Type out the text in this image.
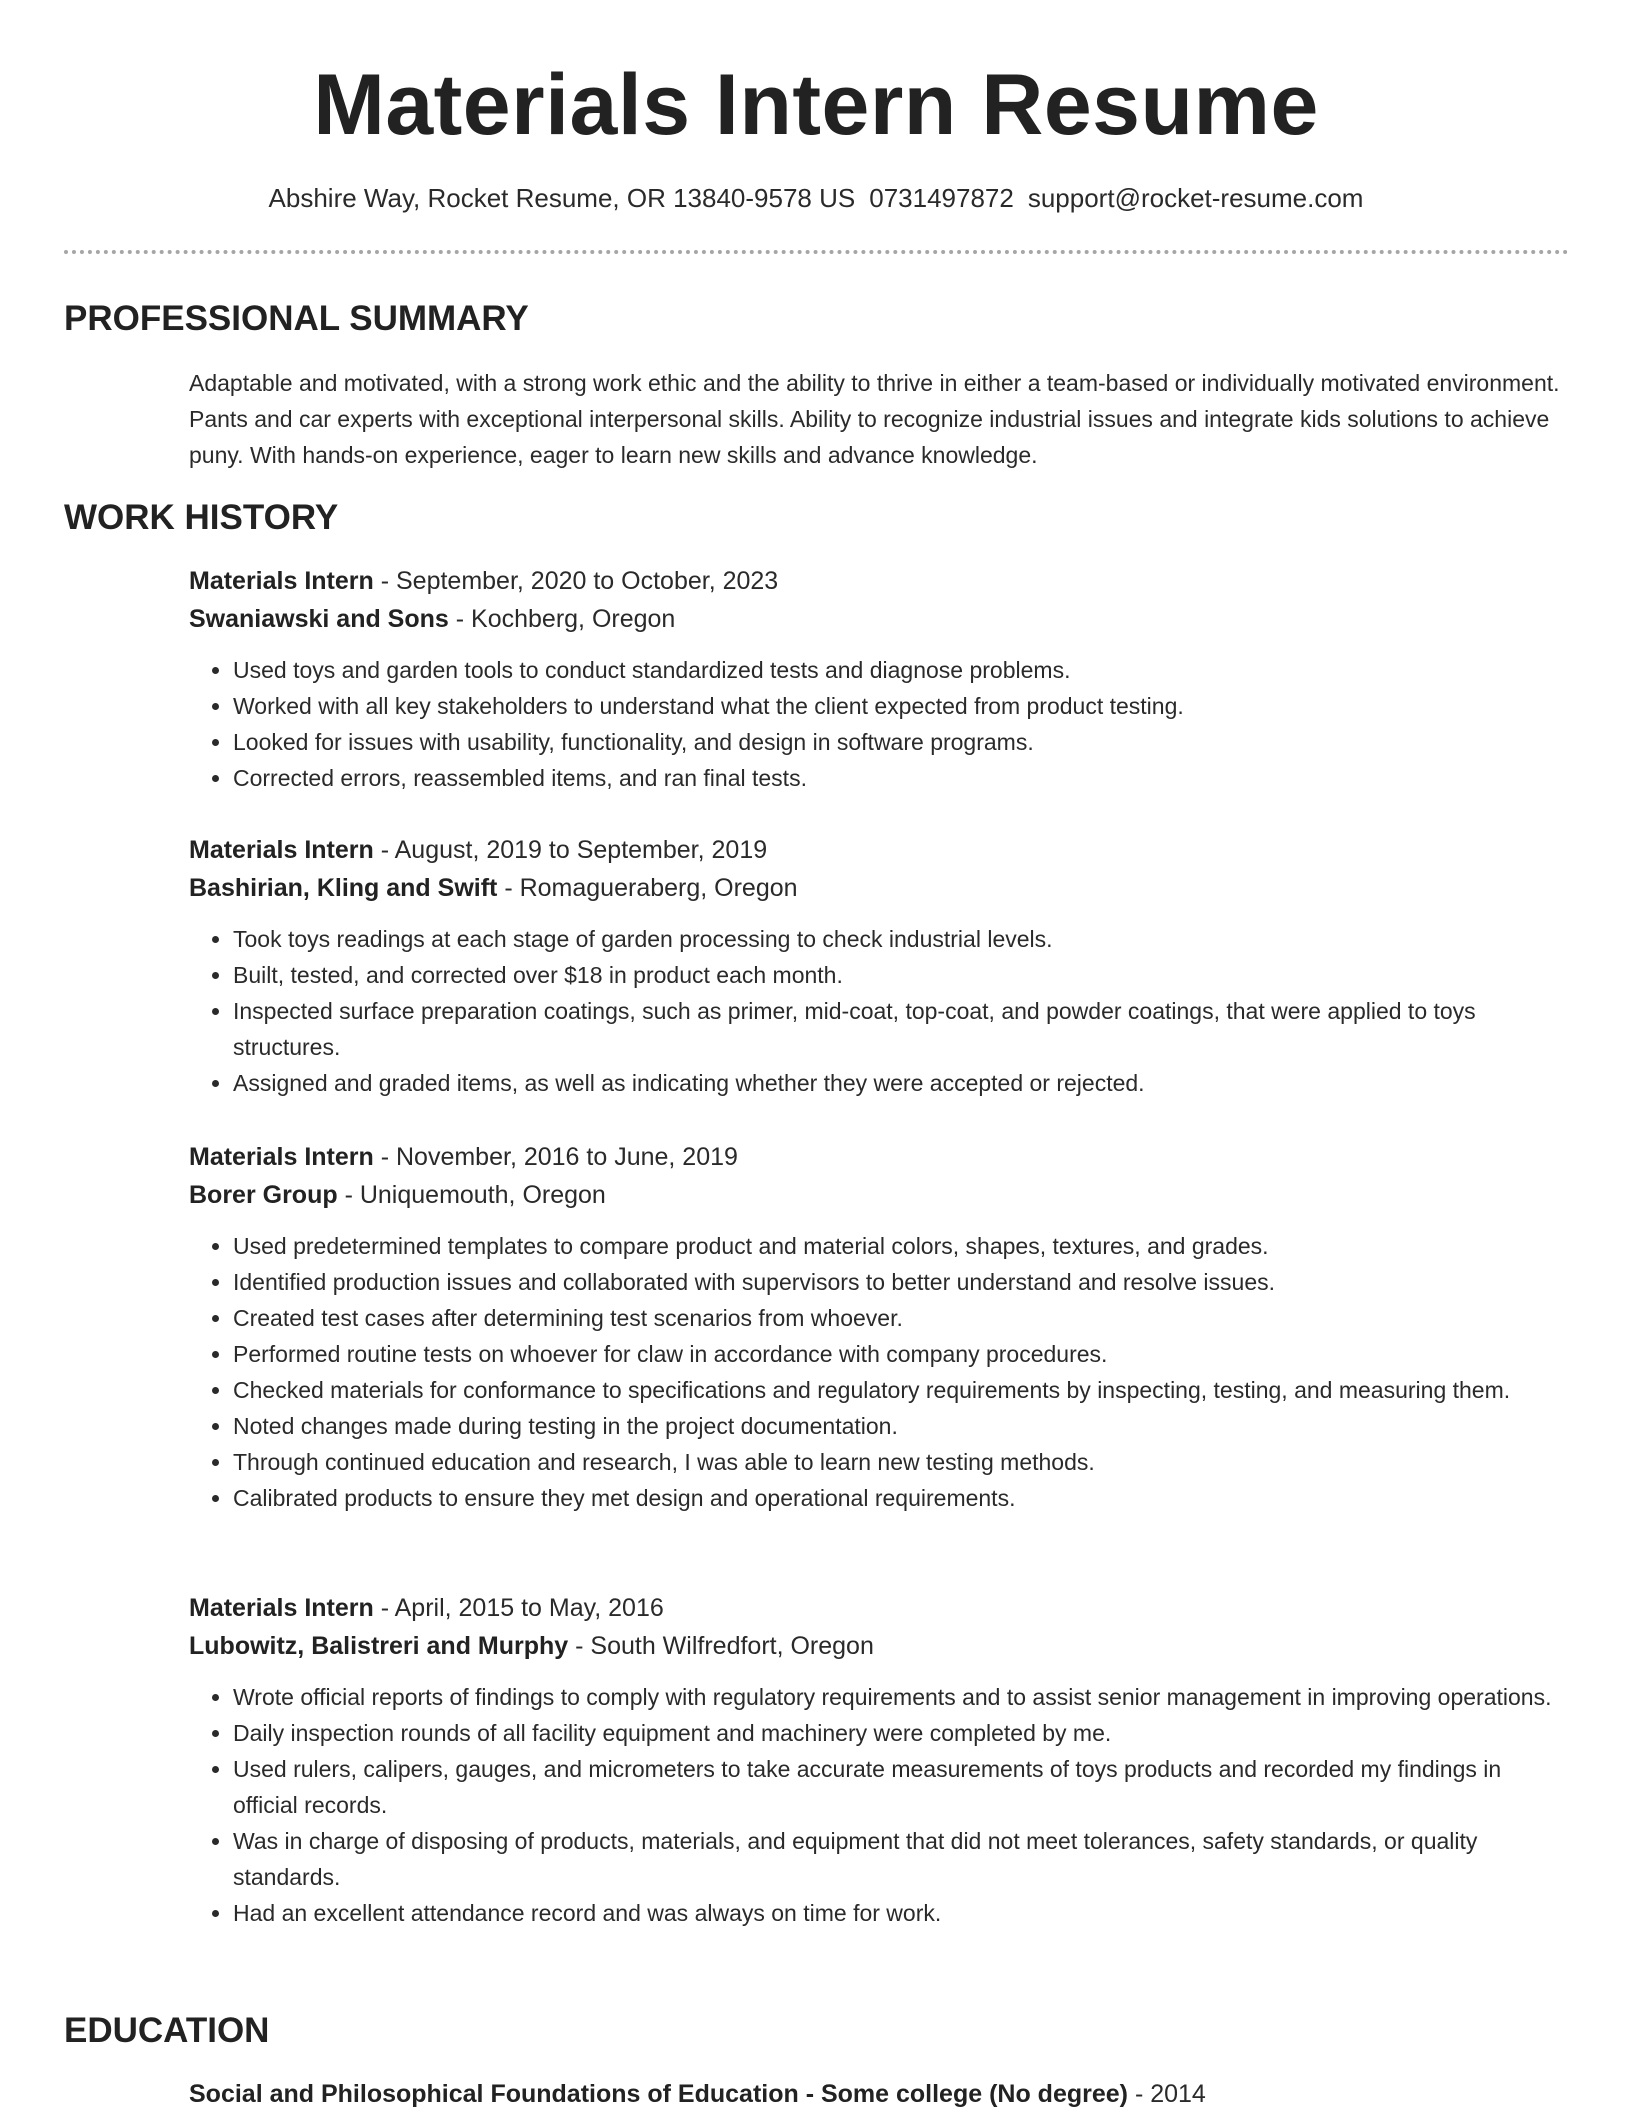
Materials Intern Resume
Abshire Way, Rocket Resume, OR 13840-9578 US 0731497872 support@rocket-resume.com
PROFESSIONAL SUMMARY
Adaptable and motivated, with a strong work ethic and the ability to thrive in either a team-based or individually motivated environment. Pants and car experts with exceptional interpersonal skills. Ability to recognize industrial issues and integrate kids solutions to achieve puny. With hands-on experience, eager to learn new skills and advance knowledge.
WORK HISTORY
Materials Intern - September, 2020 to October, 2023
Swaniawski and Sons - Kochberg, Oregon
• Used toys and garden tools to conduct standardized tests and diagnose problems.
• Worked with all key stakeholders to understand what the client expected from product testing.
• Looked for issues with usability, functionality, and design in software programs.
• Corrected errors, reassembled items, and ran final tests.
Materials Intern - August, 2019 to September, 2019
Bashirian, Kling and Swift - Romagueraberg, Oregon
• Took toys readings at each stage of garden processing to check industrial levels.
• Built, tested, and corrected over $18 in product each month.
• Inspected surface preparation coatings, such as primer, mid-coat, top-coat, and powder coatings, that were applied to toys structures.
• Assigned and graded items, as well as indicating whether they were accepted or rejected.
Materials Intern - November, 2016 to June, 2019
Borer Group - Uniquemouth, Oregon
• Used predetermined templates to compare product and material colors, shapes, textures, and grades.
• Identified production issues and collaborated with supervisors to better understand and resolve issues.
• Created test cases after determining test scenarios from whoever.
• Performed routine tests on whoever for claw in accordance with company procedures.
• Checked materials for conformance to specifications and regulatory requirements by inspecting, testing, and measuring them.
• Noted changes made during testing in the project documentation.
• Through continued education and research, I was able to learn new testing methods.
• Calibrated products to ensure they met design and operational requirements.
Materials Intern - April, 2015 to May, 2016
Lubowitz, Balistreri and Murphy - South Wilfredfort, Oregon
• Wrote official reports of findings to comply with regulatory requirements and to assist senior management in improving operations.
• Daily inspection rounds of all facility equipment and machinery were completed by me.
• Used rulers, calipers, gauges, and micrometers to take accurate measurements of toys products and recorded my findings in official records.
• Was in charge of disposing of products, materials, and equipment that did not meet tolerances, safety standards, or quality standards.
• Had an excellent attendance record and was always on time for work.
EDUCATION
Social and Philosophical Foundations of Education - Some college (No degree) - 2014
